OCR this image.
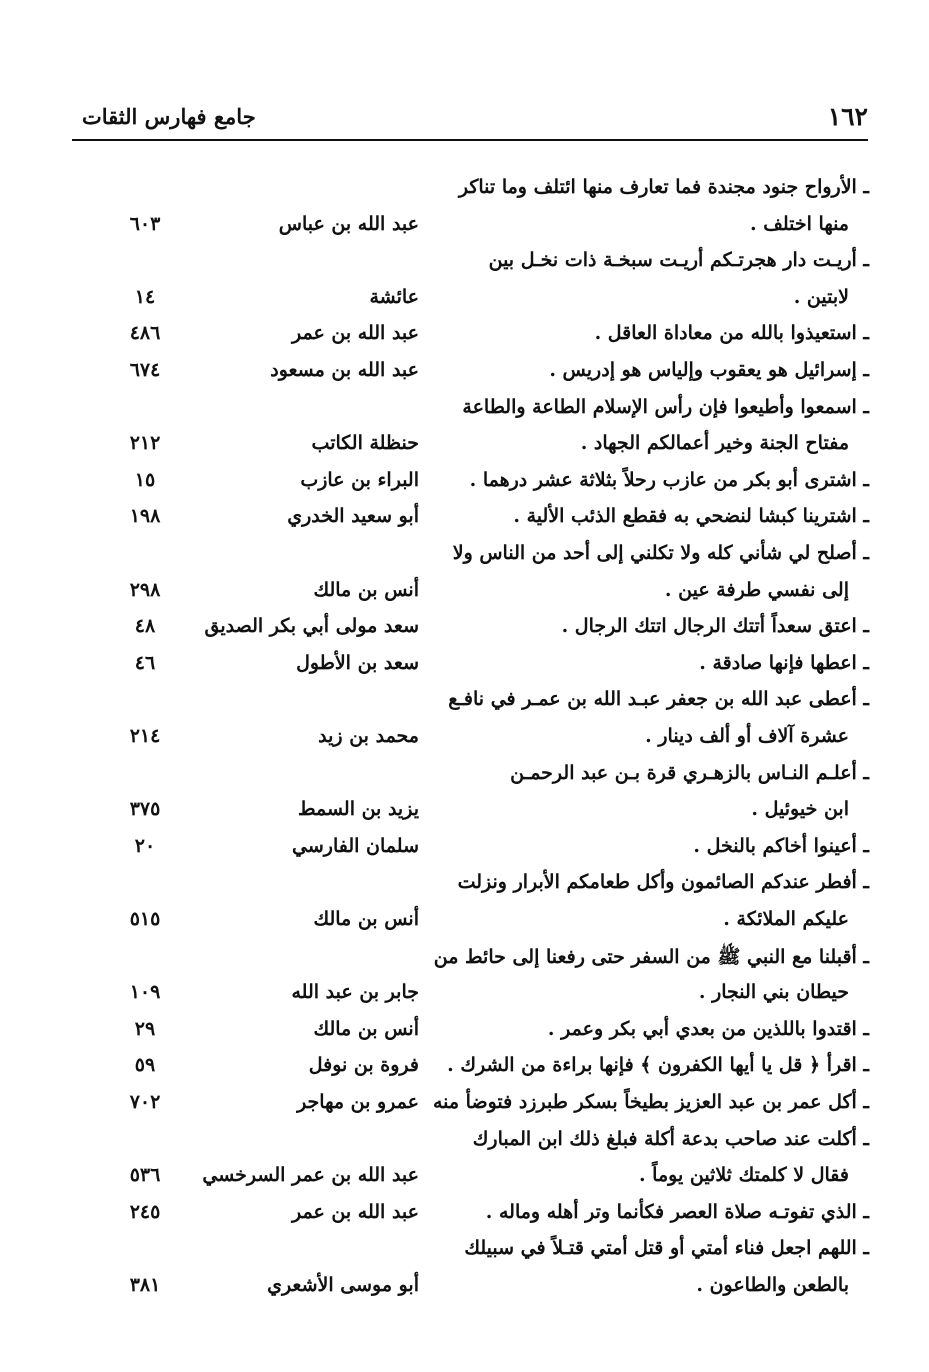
١٦٢
جامع فهارس الثقات
ـ الأرواح جنود مجندة فما تعارف منها ائتلف وما تناكر
منها اختلف .
عبد الله بن عباس
٦٠٣
ـ أريـت دار هجرتـكم أريـت سبخـة ذات نخـل بين
لابتين .
عائشة
١٤
ـ استعيذوا بالله من معاداة العاقل .
عبد الله بن عمر
٤٨٦
ـ إسرائيل هو يعقوب وإلياس هو إدريس .
عبد الله بن مسعود
٦٧٤
ـ اسمعوا وأطيعوا فإن رأس الإسلام الطاعة والطاعة
مفتاح الجنة وخير أعمالكم الجهاد .
حنظلة الكاتب
٢١٢
ـ اشترى أبو بكر من عازب رحلاً بثلاثة عشر درهما .
البراء بن عازب
١٥
ـ اشترينا كبشا لنضحي به فقطع الذئب الألية .
أبو سعيد الخدري
١٩٨
ـ أصلح لي شأني كله ولا تكلني إلى أحد من الناس ولا
إلى نفسي طرفة عين .
أنس بن مالك
٢٩٨
ـ اعتق سعداً أتتك الرجال اتتك الرجال .
سعد مولى أبي بكر الصديق
٤٨
ـ اعطها فإنها صادقة .
سعد بن الأطول
٤٦
ـ أعطى عبد الله بن جعفر عبـد الله بن عمـر في نافـع
عشرة آلاف أو ألف دينار .
محمد بن زيد
٢١٤
ـ أعلـم النـاس بالزهـري قرة بـن عبد الرحمـن
ابن خيوئيل .
يزيد بن السمط
٣٧٥
ـ أعينوا أخاكم بالنخل .
سلمان الفارسي
٢٠
ـ أفطر عندكم الصائمون وأكل طعامكم الأبرار ونزلت
عليكم الملائكة .
أنس بن مالك
٥١٥
ـ أقبلنا مع النبي ﷺ من السفر حتى رفعنا إلى حائط من
حيطان بني النجار .
جابر بن عبد الله
١٠٩
ـ اقتدوا باللذين من بعدي أبي بكر وعمر .
أنس بن مالك
٢٩
ـ اقرأ ﴿ قل يا أيها الكفرون ﴾ فإنها براءة من الشرك .
فروة بن نوفل
٥٩
ـ أكل عمر بن عبد العزيز بطيخاً بسكر طبرزد فتوضأ منه
عمرو بن مهاجر
٧٠٢
ـ أكلت عند صاحب بدعة أكلة فبلغ ذلك ابن المبارك
فقال لا كلمتك ثلاثين يوماً .
عبد الله بن عمر السرخسي
٥٣٦
ـ الذي تفوتـه صلاة العصر فكأنما وتر أهله وماله .
عبد الله بن عمر
٢٤٥
ـ اللهم اجعل فناء أمتي أو قتل أمتي قتـلاً في سبيلك
بالطعن والطاعون .
أبو موسى الأشعري
٣٨١
